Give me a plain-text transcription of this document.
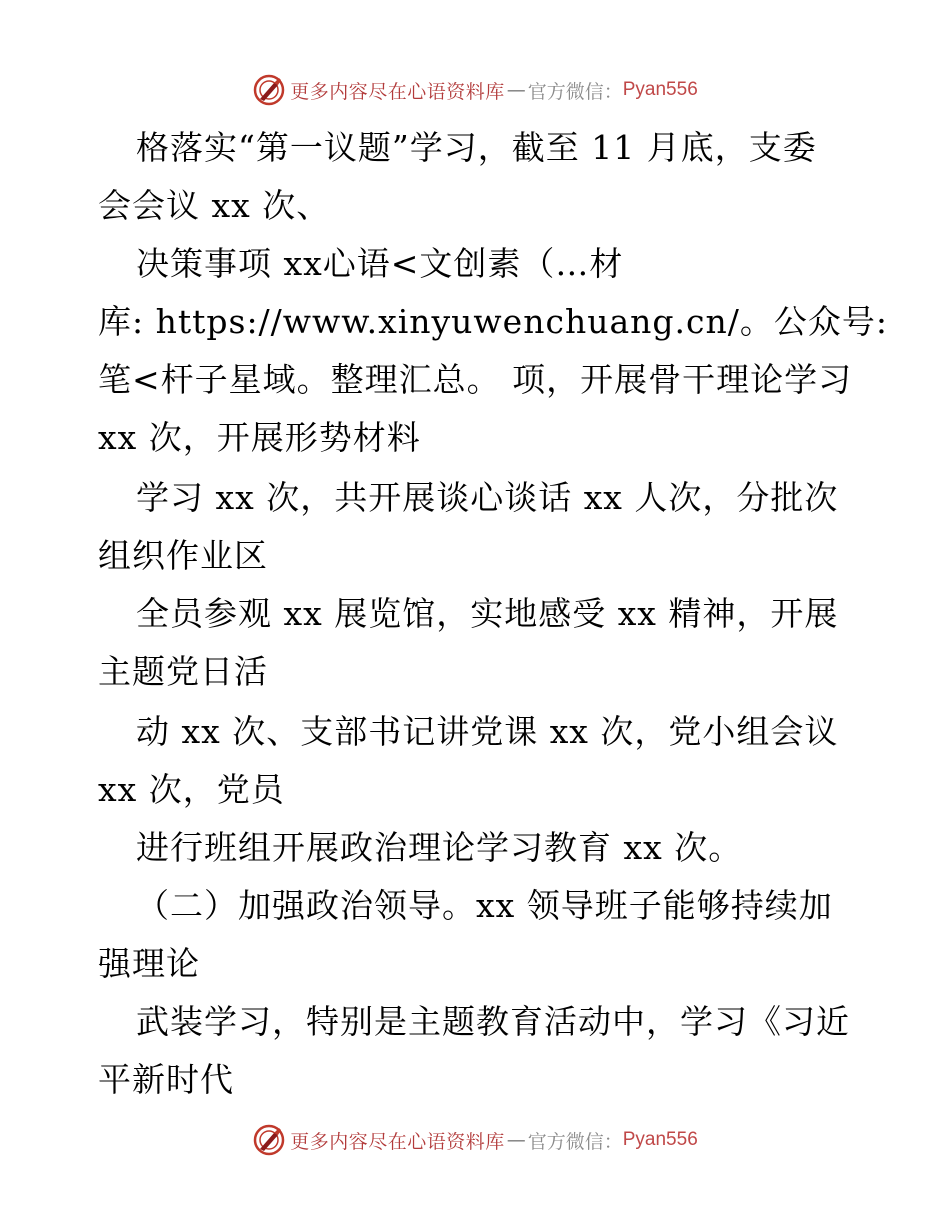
更多内容尽在心语资料库 — 官方微信： Pyan556
格落实“第一议题”学习，截至 11 月底，支委
会会议 xx 次、
决策事项 xx心语<文创素（…材
库: https://www.xinyuwenchuang.cn/。公众号:
笔<杆子星域。整理汇总。 项，开展骨干理论学习
xx 次，开展形势材料
学习 xx 次，共开展谈心谈话 xx 人次，分批次
组织作业区
全员参观 xx 展览馆，实地感受 xx 精神，开展
主题党日活
动 xx 次、支部书记讲党课 xx 次，党小组会议
xx 次，党员
进行班组开展政治理论学习教育 xx 次。
（二）加强政治领导。xx 领导班子能够持续加
强理论
武装学习，特别是主题教育活动中，学习《习近
平新时代
更多内容尽在心语资料库 — 官方微信： Pyan556
